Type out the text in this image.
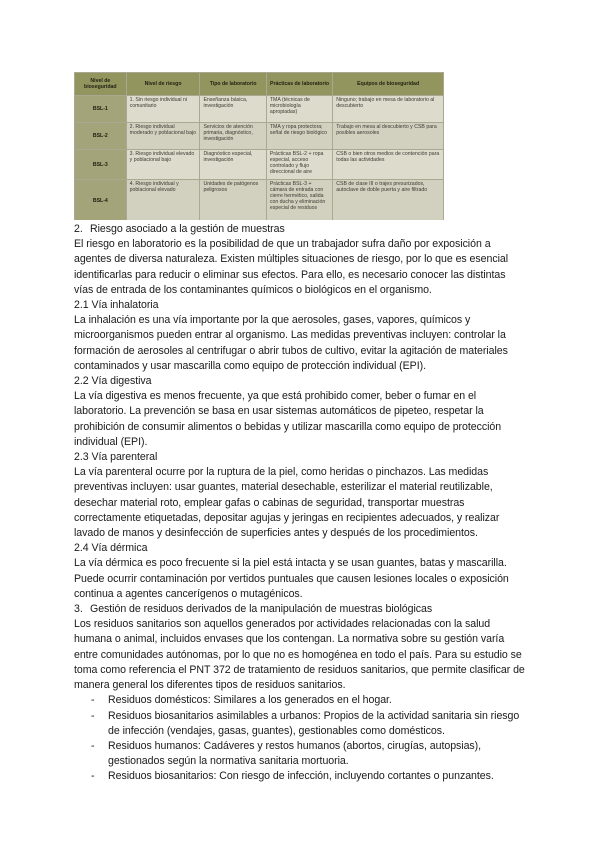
Nivel de bioseguridad	Nivel de riesgo	Tipo de laboratorio	Prácticas de laboratorio	Equipos de bioseguridad
BSL-1	1. Sin riesgo individual ni comunitario	Enseñanza básica, investigación	TMA (técnicas de microbiología apropiadas)	Ninguno; trabajo en mesa de laboratorio al descubierto
BSL-2	2. Riesgo individual moderado y poblacional bajo	Servicios de atención primaria, diagnóstico, investigación	TMA y ropa protectora; señal de riesgo biológico	Trabajo en mesa al descubierto y CSB para posibles aerosoles
BSL-3	3. Riesgo individual elevado y poblacional bajo	Diagnóstico especial, investigación	Prácticas BSL-2 + ropa especial, acceso controlado y flujo direccional de aire	CSB o bien otros medios de contención para todas las actividades
BSL-4	4. Riesgo individual y poblacional elevado	Unidades de patógenos peligrosos	Prácticas BSL-3 + cámara de entrada con cierre hermético, salida con ducha y eliminación especial de residuos	CSB de clase III o trajes presurizados, autoclave de doble puerta y aire filtrado
2. Riesgo asociado a la gestión de muestras

El riesgo en laboratorio es la posibilidad de que un trabajador sufra daño por exposición a agentes de diversa naturaleza. Existen múltiples situaciones de riesgo, por lo que es esencial identificarlas para reducir o eliminar sus efectos. Para ello, es necesario conocer las distintas vías de entrada de los contaminantes químicos o biológicos en el organismo.

2.1 Vía inhalatoria

La inhalación es una vía importante por la que aerosoles, gases, vapores, químicos y microorganismos pueden entrar al organismo. Las medidas preventivas incluyen: controlar la formación de aerosoles al centrifugar o abrir tubos de cultivo, evitar la agitación de materiales contaminados y usar mascarilla como equipo de protección individual (EPI).

2.2 Vía digestiva

La vía digestiva es menos frecuente, ya que está prohibido comer, beber o fumar en el laboratorio. La prevención se basa en usar sistemas automáticos de pipeteo, respetar la prohibición de consumir alimentos o bebidas y utilizar mascarilla como equipo de protección individual (EPI).

2.3 Vía parenteral

La vía parenteral ocurre por la ruptura de la piel, como heridas o pinchazos. Las medidas preventivas incluyen: usar guantes, material desechable, esterilizar el material reutilizable, desechar material roto, emplear gafas o cabinas de seguridad, transportar muestras correctamente etiquetadas, depositar agujas y jeringas en recipientes adecuados, y realizar lavado de manos y desinfección de superficies antes y después de los procedimientos.

2.4 Vía dérmica

La vía dérmica es poco frecuente si la piel está intacta y se usan guantes, batas y mascarilla. Puede ocurrir contaminación por vertidos puntuales que causen lesiones locales o exposición continua a agentes cancerígenos o mutagénicos.

3. Gestión de residuos derivados de la manipulación de muestras biológicas

Los residuos sanitarios son aquellos generados por actividades relacionadas con la salud humana o animal, incluidos envases que los contengan. La normativa sobre su gestión varía entre comunidades autónomas, por lo que no es homogénea en todo el país. Para su estudio se toma como referencia el PNT 372 de tratamiento de residuos sanitarios, que permite clasificar de manera general los diferentes tipos de residuos sanitarios.

-	Residuos domésticos: Similares a los generados en el hogar.
-	Residuos biosanitarios asimilables a urbanos: Propios de la actividad sanitaria sin riesgo de infección (vendajes, gasas, guantes), gestionables como domésticos.
-	Residuos humanos: Cadáveres y restos humanos (abortos, cirugías, autopsias), gestionados según la normativa sanitaria mortuoria.
-	Residuos biosanitarios: Con riesgo de infección, incluyendo cortantes o punzantes.
